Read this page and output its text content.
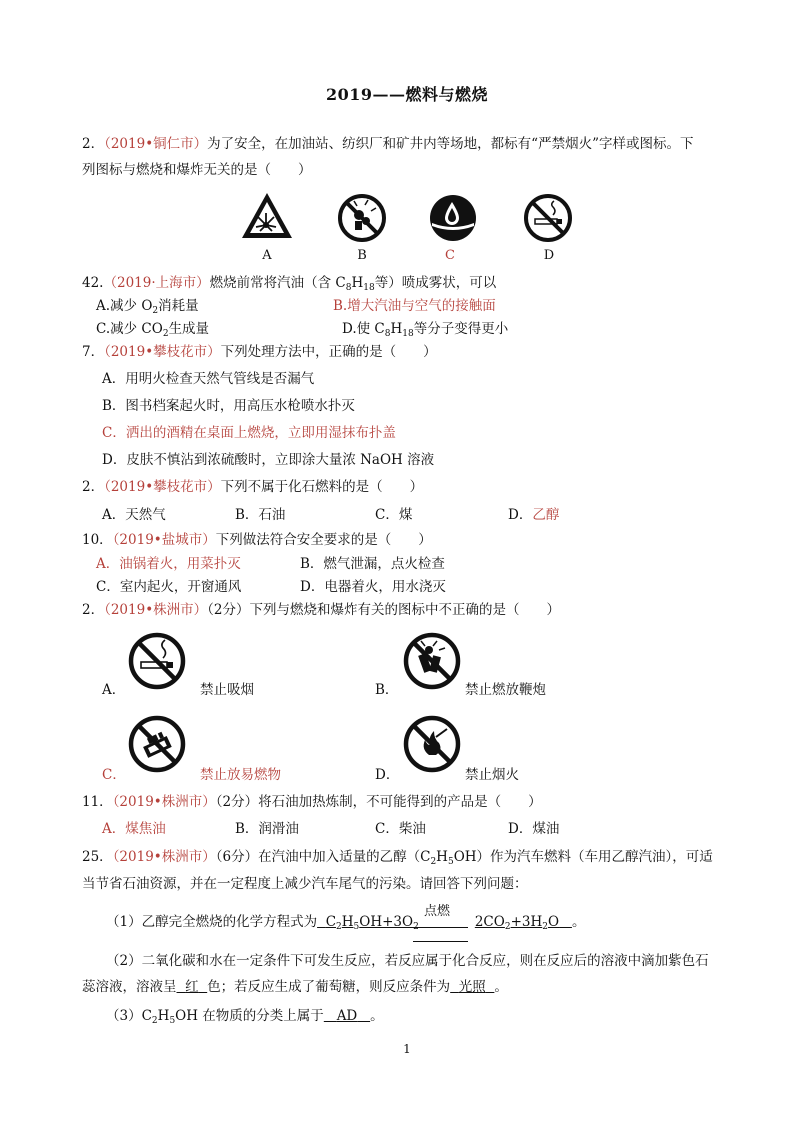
2019——燃料与燃烧
2．（2019•铜仁市）为了安全，在加油站、纺织厂和矿井内等场地，都标有“严禁烟火”字样或图标。下
列图标与燃烧和爆炸无关的是（　　）
A	B	C	D
42.（2019·上海市）燃烧前常将汽油（含 $C_8H_{18}$等）喷成雾状，可以
A.减少 $O_2$消耗量	B.增大汽油与空气的接触面
C.减少 $CO_2$生成量	D.使 $C_8H_{18}$等分子变得更小
7．（2019•攀枝花市）下列处理方法中，正确的是（　　）
A．用明火检查天然气管线是否漏气
B．图书档案起火时，用高压水枪喷水扑灭
C．洒出的酒精在桌面上燃烧，立即用湿抹布扑盖
D．皮肤不慎沾到浓硫酸时，立即涂大量浓 NaOH 溶液
2．（2019•攀枝花市）下列不属于化石燃料的是（　　）
A．天然气	B．石油	C．煤	D．乙醇
10．（2019•盐城市）下列做法符合安全要求的是（　　）
A．油锅着火，用菜扑灭	B．燃气泄漏，点火检查
C．室内起火，开窗通风	D．电器着火，用水浇灭
2．（2019•株洲市）（2分）下列与燃烧和爆炸有关的图标中不正确的是（　　）
A．	禁止吸烟	B．	禁止燃放鞭炮
C．	禁止放易燃物	D．	禁止烟火
11．（2019•株洲市）（2分）将石油加热炼制，不可能得到的产品是（　　）
A．煤焦油	B．润滑油	C．柴油	D．煤油
25．（2019•株洲市）（6分）在汽油中加入适量的乙醇$(C_2H_5OH)$作为汽车燃料（车用乙醇汽油），可适
当节省石油资源，并在一定程度上减少汽车尾气的污染。请回答下列问题：
（1）乙醇完全燃烧的化学方程式为 $C_2H_5OH+3O_2$	$2CO_2+3H_2O$ 。
点燃
（2）二氧化碳和水在一定条件下可发生反应，若反应属于化合反应，则在反应后的溶液中滴加紫色石
蕊溶液，溶液呈 红 色；若反应生成了葡萄糖，则反应条件为 光照 。
$(3)C_2H_5OH$ 在物质的分类上属于 AD 。
1
